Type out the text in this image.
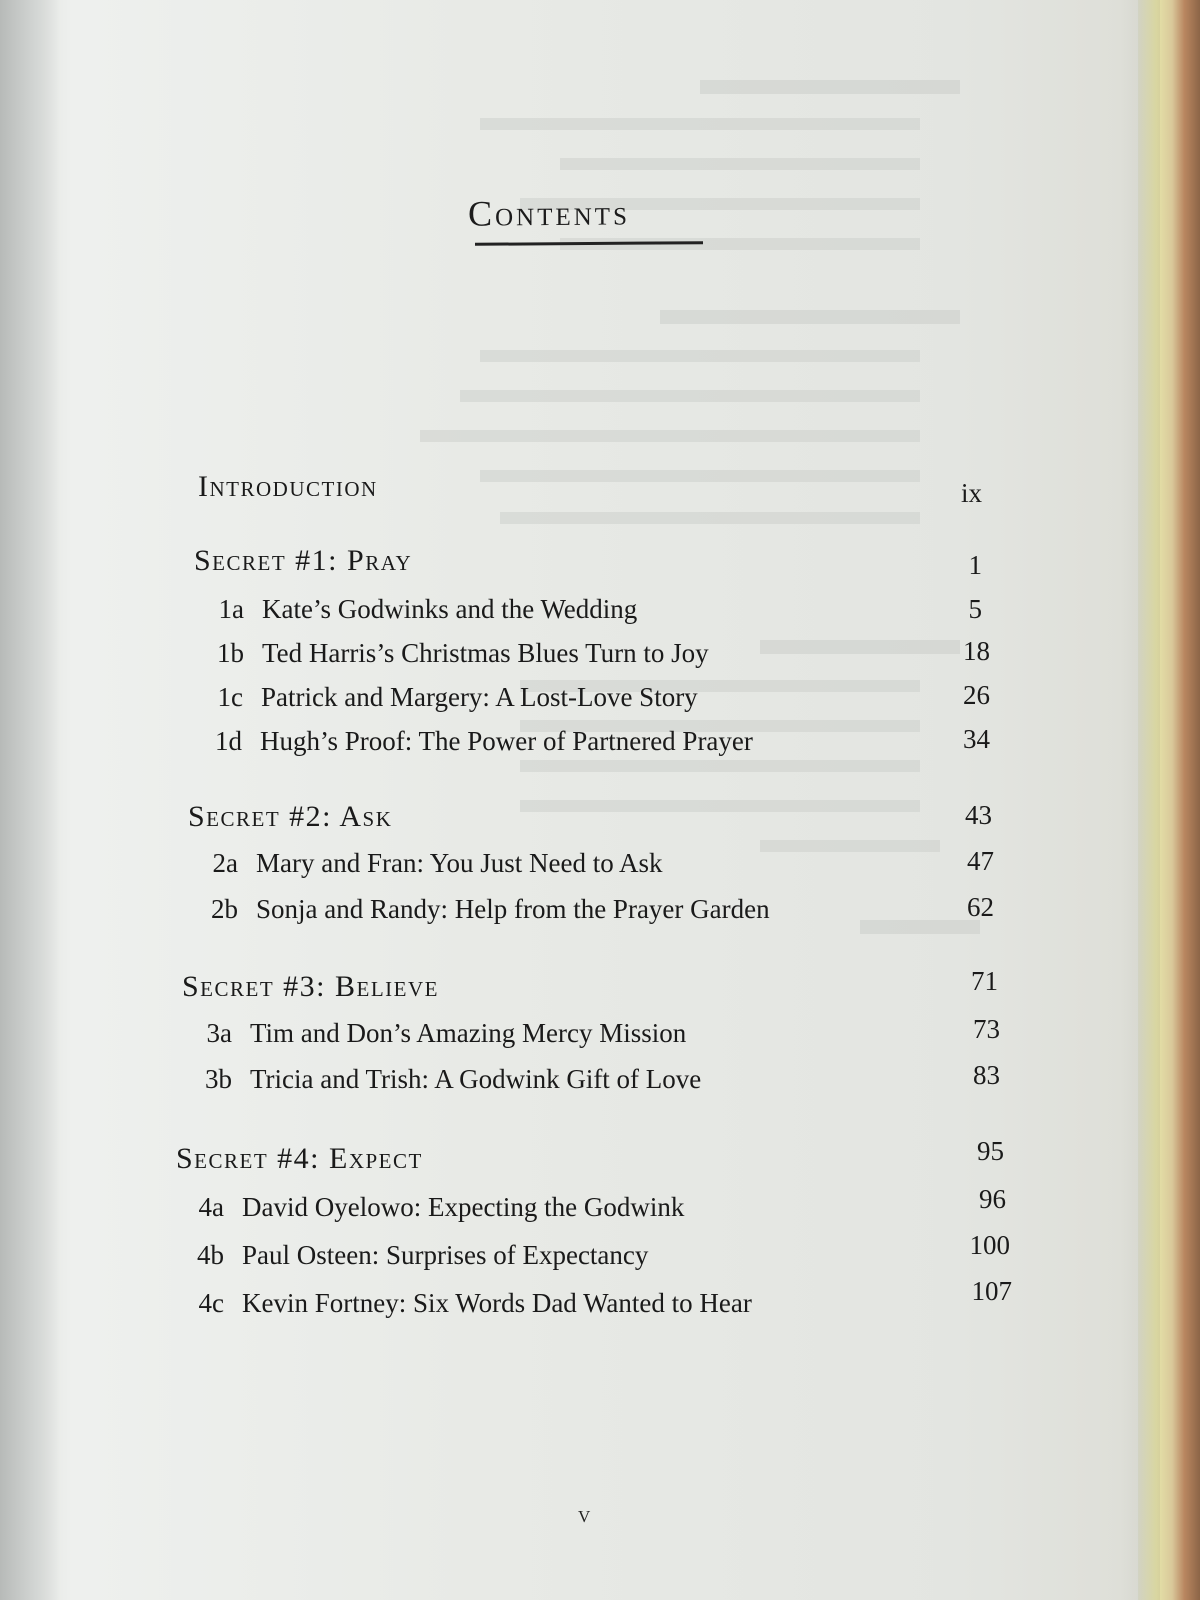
Contents
Introduction	ix
Secret #1: Pray	1
1a Kate’s Godwinks and the Wedding	5
1b Ted Harris’s Christmas Blues Turn to Joy	18
1c Patrick and Margery: A Lost-Love Story	26
1d Hugh’s Proof: The Power of Partnered Prayer	34
Secret #2: Ask	43
2a Mary and Fran: You Just Need to Ask	47
2b Sonja and Randy: Help from the Prayer Garden	62
Secret #3: Believe	71
3a Tim and Don’s Amazing Mercy Mission	73
3b Tricia and Trish: A Godwink Gift of Love	83
Secret #4: Expect	95
4a David Oyelowo: Expecting the Godwink	96
4b Paul Osteen: Surprises of Expectancy	100
4c Kevin Fortney: Six Words Dad Wanted to Hear	107
v
